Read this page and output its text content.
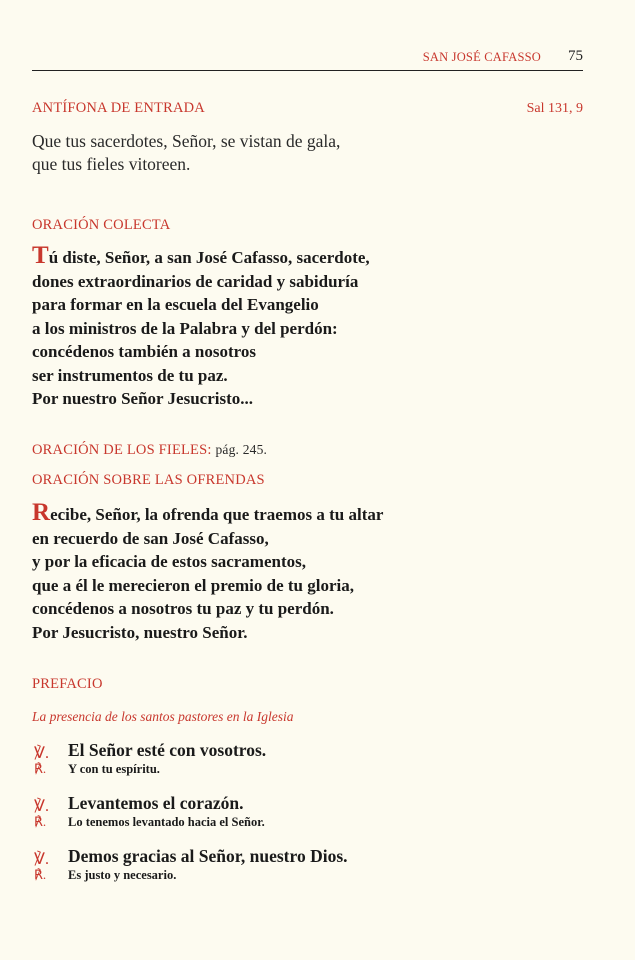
SAN JOSÉ CAFASSO 75
ANTÍFONA DE ENTRADA	Sal 131, 9
Que tus sacerdotes, Señor, se vistan de gala,
que tus fieles vitoreen.
ORACIÓN COLECTA
Tú diste, Señor, a san José Cafasso, sacerdote,
dones extraordinarios de caridad y sabiduría
para formar en la escuela del Evangelio
a los ministros de la Palabra y del perdón:
concédenos también a nosotros
ser instrumentos de tu paz.
Por nuestro Señor Jesucristo...
ORACIÓN DE LOS FIELES: pág. 245.
ORACIÓN SOBRE LAS OFRENDAS
Recibe, Señor, la ofrenda que traemos a tu altar
en recuerdo de san José Cafasso,
y por la eficacia de estos sacramentos,
que a él le merecieron el premio de tu gloria,
concédenos a nosotros tu paz y tu perdón.
Por Jesucristo, nuestro Señor.
PREFACIO
La presencia de los santos pastores en la Iglesia
℣. El Señor esté con vosotros.
℟. Y con tu espíritu.
℣. Levantemos el corazón.
℟. Lo tenemos levantado hacia el Señor.
℣. Demos gracias al Señor, nuestro Dios.
℟. Es justo y necesario.
